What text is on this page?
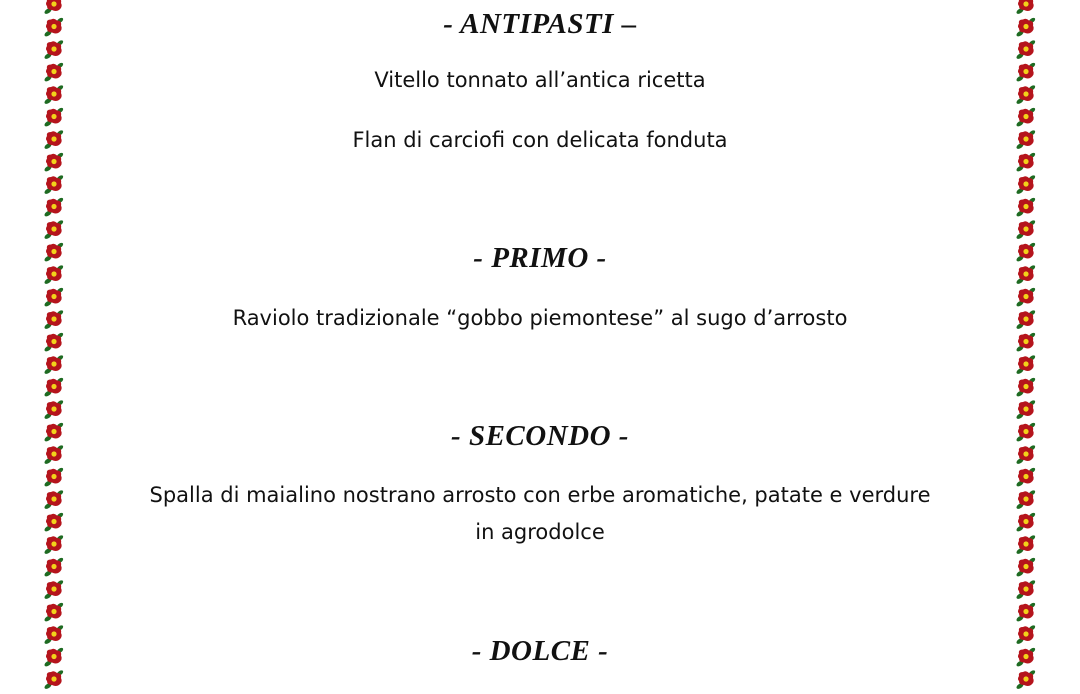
- ANTIPASTI –
Vitello tonnato all’antica ricetta
Flan di carciofi con delicata fonduta
- PRIMO -
Raviolo tradizionale “gobbo piemontese” al sugo d’arrosto
- SECONDO -
Spalla di maialino nostrano arrosto con erbe aromatiche, patate e verdure
in agrodolce
- DOLCE -
